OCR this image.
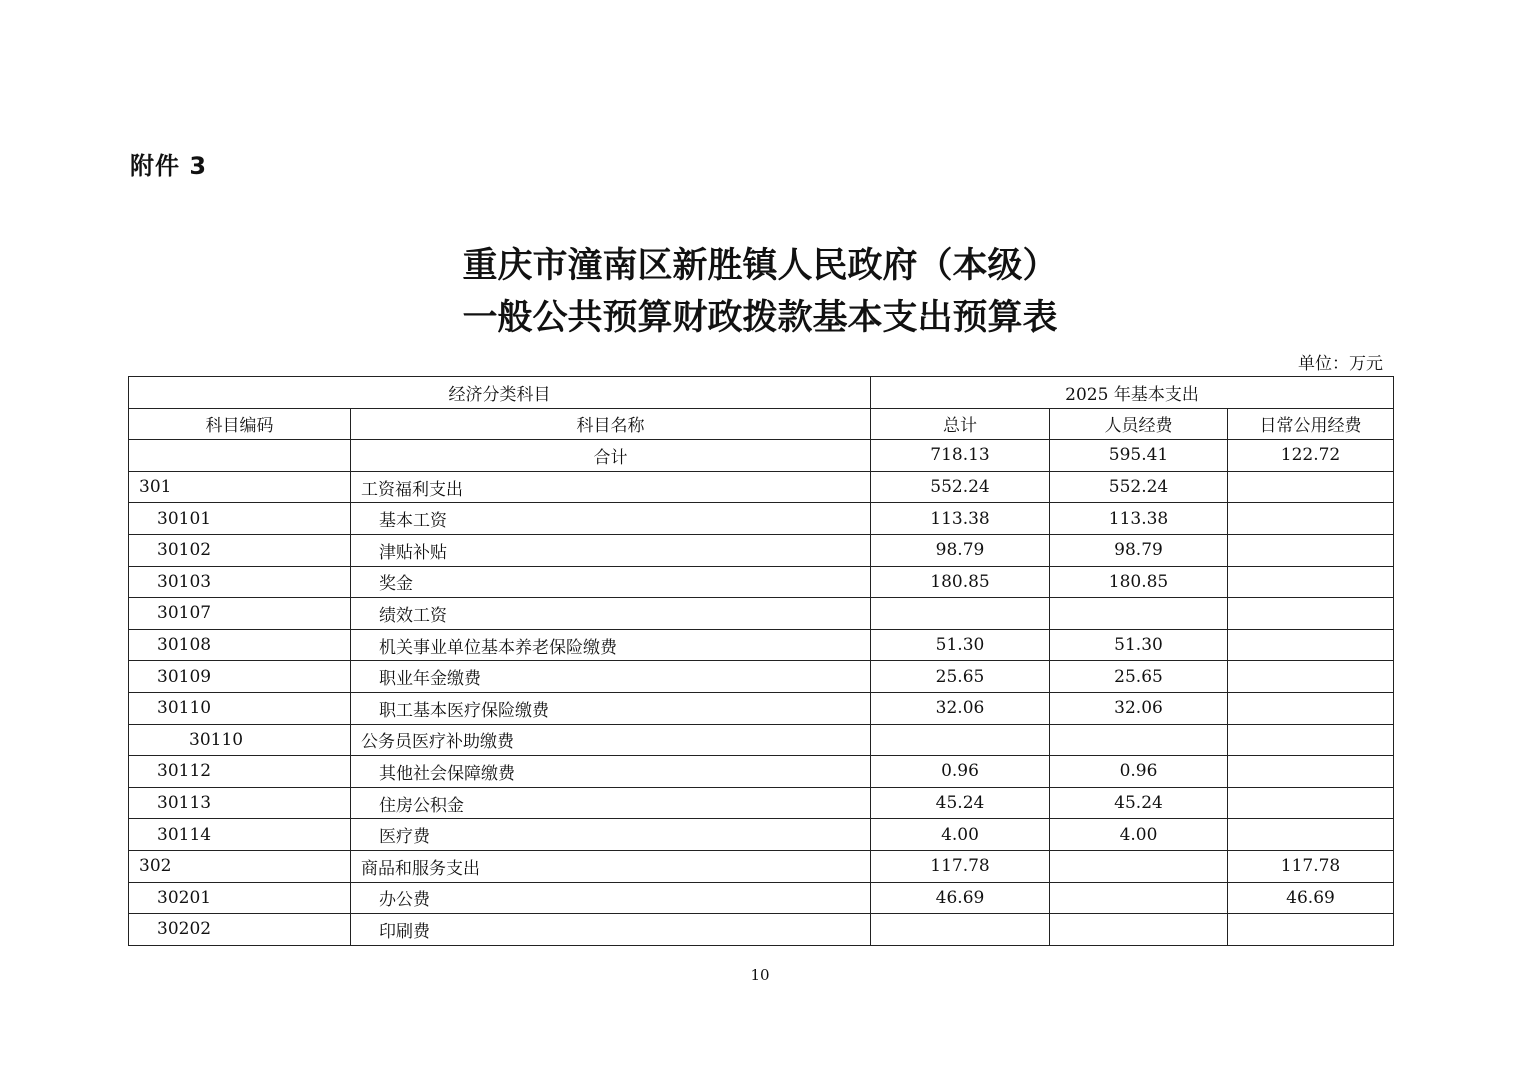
附件 3
重庆市潼南区新胜镇人民政府（本级）
一般公共预算财政拨款基本支出预算表
单位：万元
经济分类科目		2025 年基本支出		
科目编码	科目名称	总计	人员经费	日常公用经费
	合计	718.13	595.41	122.72
301	工资福利支出	552.24	552.24	
30101	基本工资	113.38	113.38	
30102	津贴补贴	98.79	98.79	
30103	奖金	180.85	180.85	
30107	绩效工资			
30108	机关事业单位基本养老保险缴费	51.30	51.30	
30109	职业年金缴费	25.65	25.65	
30110	职工基本医疗保险缴费	32.06	32.06	
30110	公务员医疗补助缴费			
30112	其他社会保障缴费	0.96	0.96	
30113	住房公积金	45.24	45.24	
30114	医疗费	4.00	4.00	
302	商品和服务支出	117.78		117.78
30201	办公费	46.69		46.69
30202	印刷费			
10
